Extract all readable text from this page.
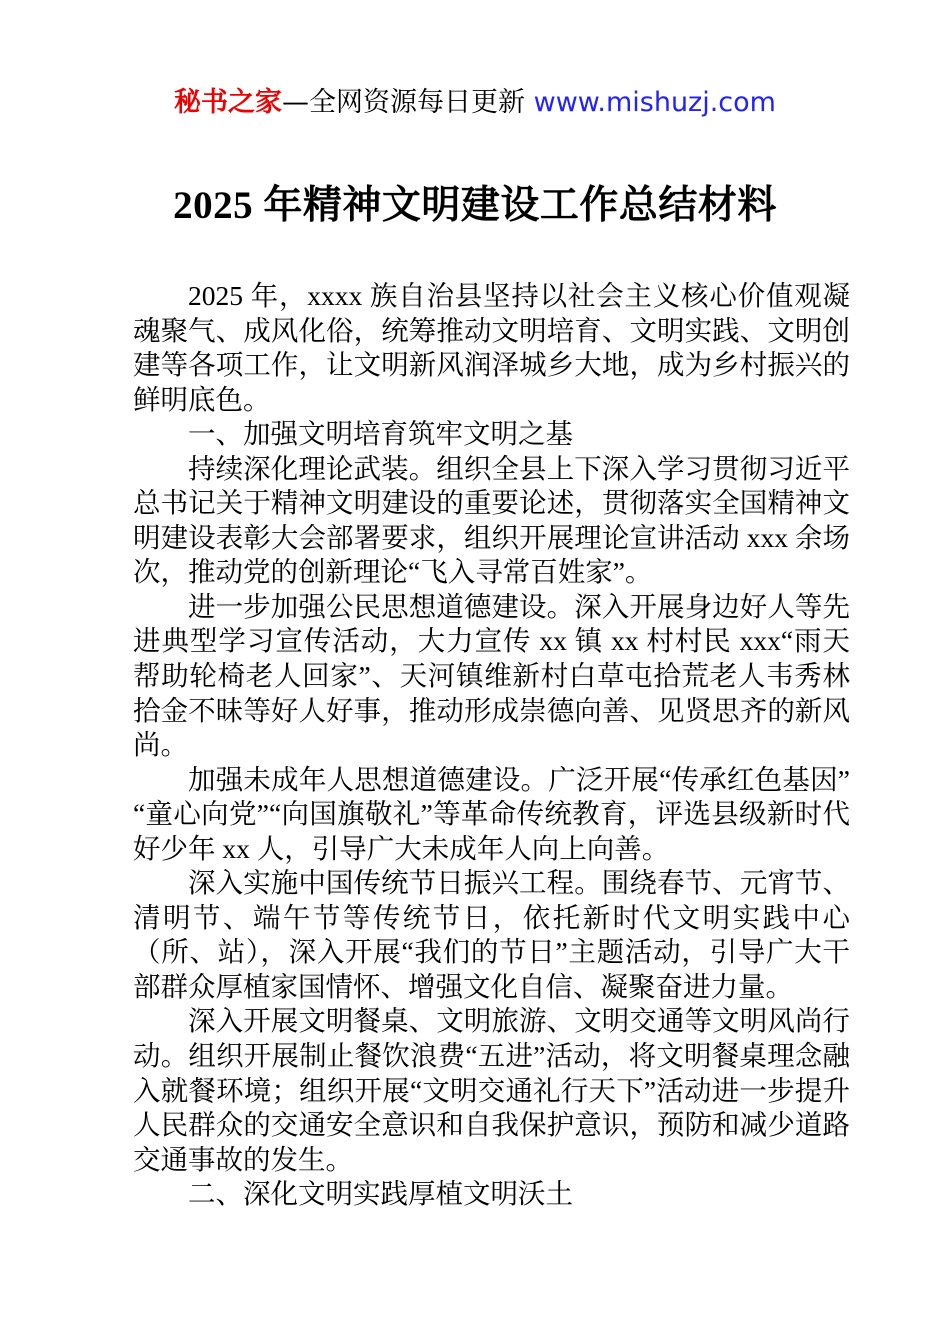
秘书之家—全网资源每日更新 www.mishuzj.com
2025 年精神文明建设工作总结材料

2025 年，xxxx 族自治县坚持以社会主义核心价值观凝魂聚气、成风化俗，统筹推动文明培育、文明实践、文明创建等各项工作，让文明新风润泽城乡大地，成为乡村振兴的鲜明底色。

一、加强文明培育筑牢文明之基

持续深化理论武装。组织全县上下深入学习贯彻习近平总书记关于精神文明建设的重要论述，贯彻落实全国精神文明建设表彰大会部署要求，组织开展理论宣讲活动 xxx 余场次，推动党的创新理论“飞入寻常百姓家”。

进一步加强公民思想道德建设。深入开展身边好人等先进典型学习宣传活动，大力宣传 xx 镇 xx 村村民 xxx“雨天帮助轮椅老人回家”、天河镇维新村白草屯拾荒老人韦秀林拾金不昧等好人好事，推动形成崇德向善、见贤思齐的新风尚。

加强未成年人思想道德建设。广泛开展“传承红色基因”“童心向党”“向国旗敬礼”等革命传统教育，评选县级新时代好少年 xx 人，引导广大未成年人向上向善。

深入实施中国传统节日振兴工程。围绕春节、元宵节、清明节、端午节等传统节日，依托新时代文明实践中心（所、站），深入开展“我们的节日”主题活动，引导广大干部群众厚植家国情怀、增强文化自信、凝聚奋进力量。

深入开展文明餐桌、文明旅游、文明交通等文明风尚行动。组织开展制止餐饮浪费“五进”活动，将文明餐桌理念融入就餐环境；组织开展“文明交通礼行天下”活动进一步提升人民群众的交通安全意识和自我保护意识，预防和减少道路交通事故的发生。

二、深化文明实践厚植文明沃土
